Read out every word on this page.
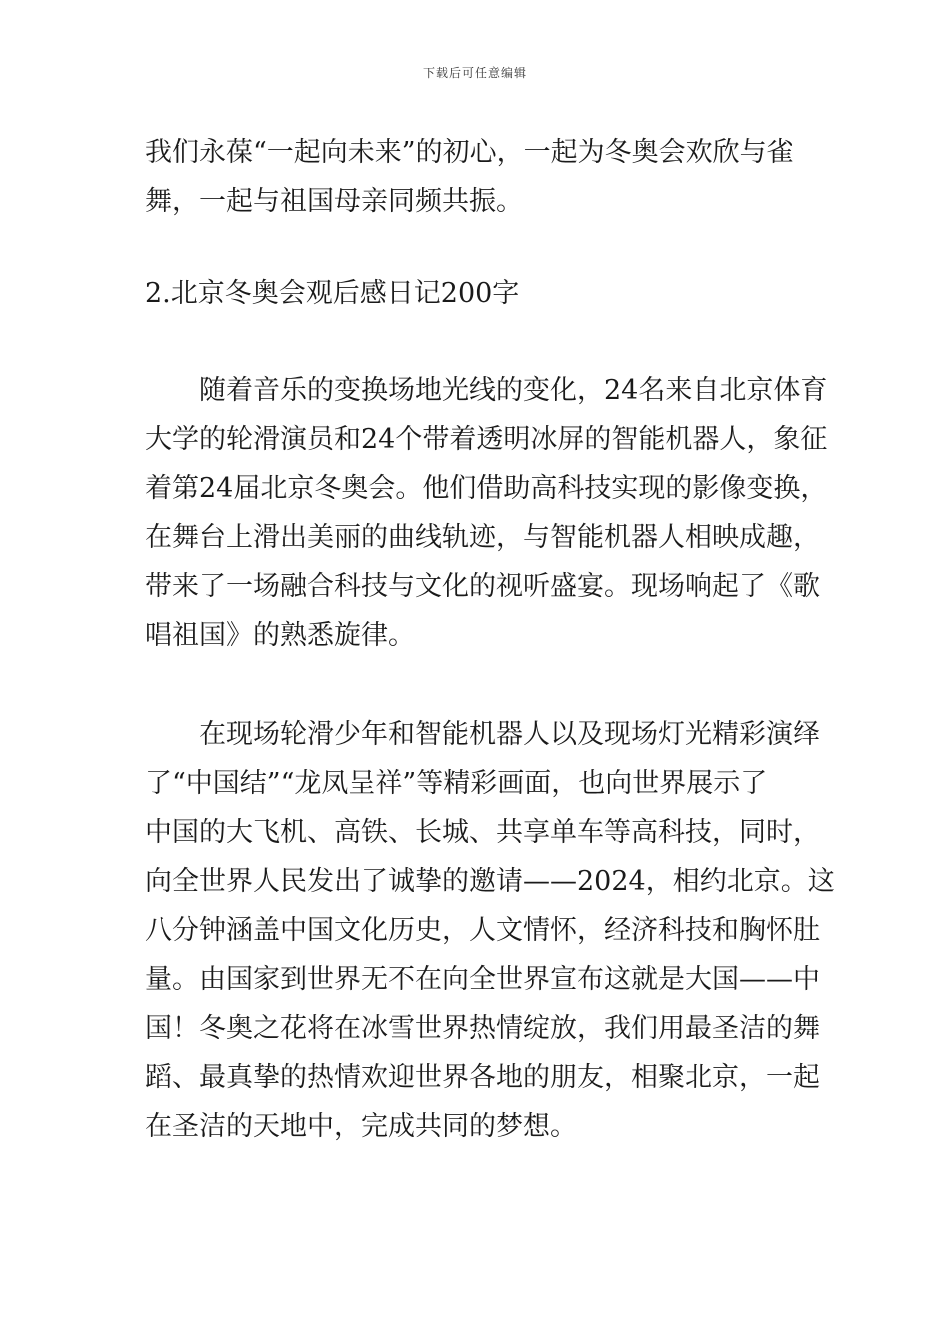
下载后可任意编辑
我们永葆“一起向未来”的初心，一起为冬奥会欢欣与雀
舞，一起与祖国母亲同频共振。
2.北京冬奥会观后感日记200字
　　随着音乐的变换场地光线的变化，24名来自北京体育
大学的轮滑演员和24个带着透明冰屏的智能机器人，象征
着第24届北京冬奥会。他们借助高科技实现的影像变换，
在舞台上滑出美丽的曲线轨迹，与智能机器人相映成趣，
带来了一场融合科技与文化的视听盛宴。现场响起了《歌
唱祖国》的熟悉旋律。
　　在现场轮滑少年和智能机器人以及现场灯光精彩演绎
了“中国结”“龙凤呈祥”等精彩画面，也向世界展示了
中国的大飞机、高铁、长城、共享单车等高科技，同时，
向全世界人民发出了诚挚的邀请——2024，相约北京。这
八分钟涵盖中国文化历史，人文情怀，经济科技和胸怀肚
量。由国家到世界无不在向全世界宣布这就是大国——中
国！冬奥之花将在冰雪世界热情绽放，我们用最圣洁的舞
蹈、最真挚的热情欢迎世界各地的朋友，相聚北京，一起
在圣洁的天地中，完成共同的梦想。
